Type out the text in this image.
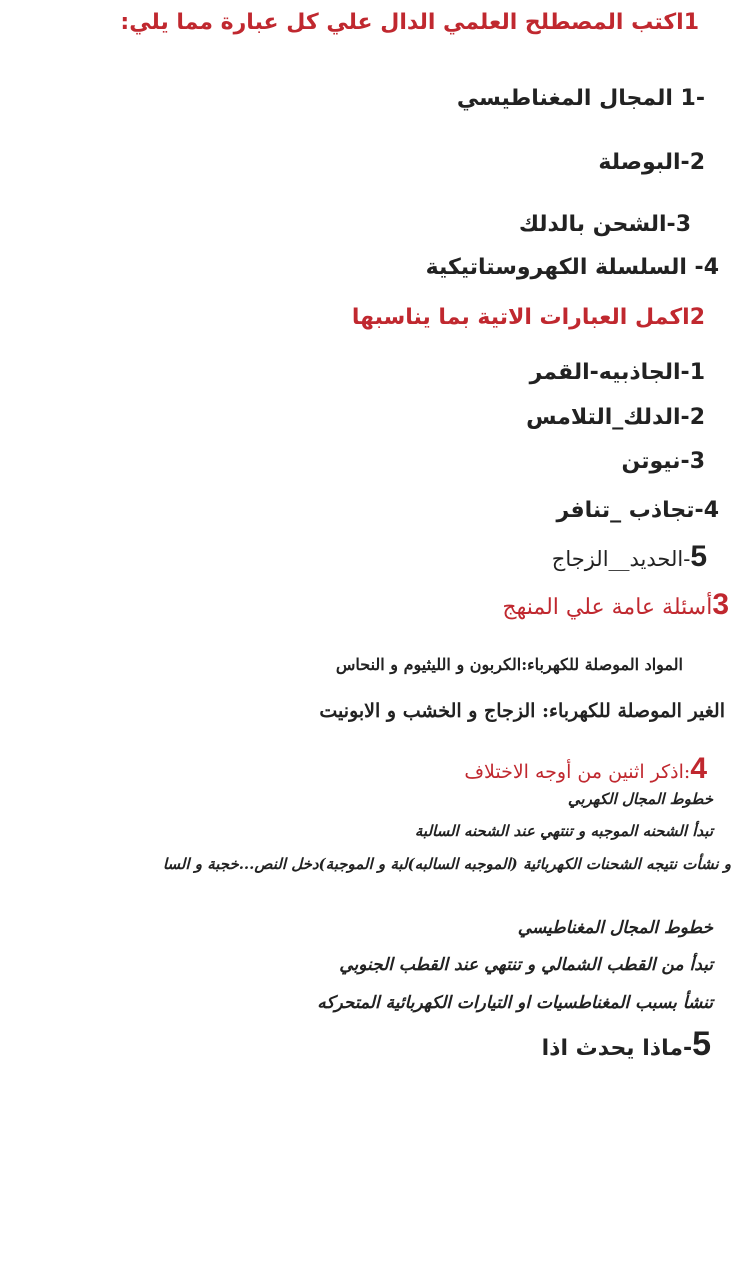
1اكتب المصطلح العلمي الدال علي كل عبارة مما يلي:
-1 المجال المغناطيسي
2-البوصلة
3-الشحن بالدلك
4- السلسلة الكهروستاتيكية
2اكمل العبارات الاتية بما يناسبها
1-الجاذبيه-القمر
2-الدلك_التلامس
3-نيوتن
4-تجاذب _تنافر
5-الحديد__الزجاج
3أسئلة عامة علي المنهج
المواد الموصلة للكهرباء:الكربون و الليثيوم و النحاس
الغير الموصلة للكهرباء: الزجاج و الخشب و الابونيت
4:اذكر اثنين من أوجه الاختلاف
خطوط المجال الكهربي
تبدأ الشحنه الموجبه و تنتهي عند الشحنه السالبة
و نشأت نتيجه الشحنات الكهربائية (الموجبه السالبه)لبة و الموجبة)دخل النص...خجبة و السا
خطوط المجال المغناطيسي
تبدأ من القطب الشمالي و تنتهي عند القطب الجنوبي
تنشأ بسبب المغناطسيات او التيارات الكهربائية المتحركه
5-ماذا يحدث اذا
